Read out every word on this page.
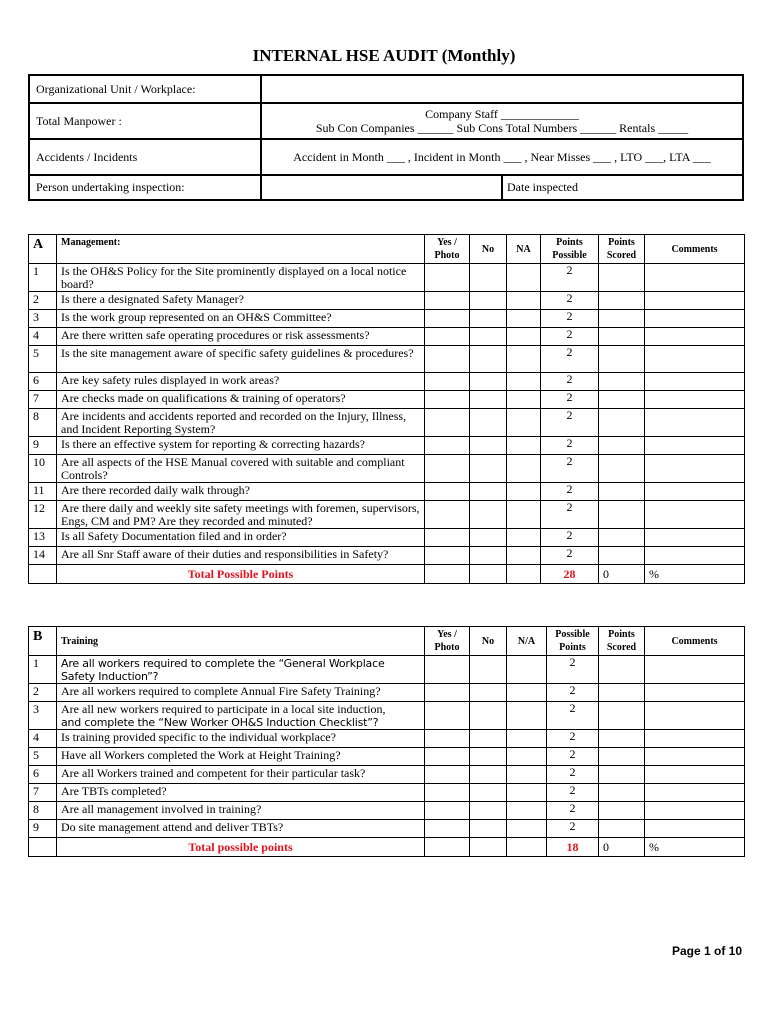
INTERNAL HSE AUDIT (Monthly)
Organizational Unit / Workplace:		
Total Manpower :	Company Staff _____________
Sub Con Companies ______ Sub Cons Total Numbers ______ Rentals _____	

Accidents / Incidents	Accident in Month ___ , Incident in Month ___ , Near Misses ___ , LTO ___, LTA ___	
Person undertaking inspection:		Date inspected
A	Management:	Yes / Photo	No	NA	Points Possible	Points Scored	Comments
1	Is the OH&S Policy for the Site prominently displayed on a local notice board?				2		
2	Is there a designated Safety Manager?				2		
3	Is the work group represented on an OH&S Committee?				2		
4	Are there written safe operating procedures or risk assessments?				2		
5	Is the site management aware of specific safety guidelines & procedures?				2		
6	Are key safety rules displayed in work areas?				2		
7	Are checks made on qualifications & training of operators?				2		
8	Are incidents and accidents reported and recorded on the Injury, Illness, and Incident Reporting System?				2		
9	Is there an effective system for reporting & correcting hazards?				2		
10	Are all aspects of the HSE Manual covered with suitable and compliant Controls?				2		
11	Are there recorded daily walk through?				2		
12	Are there daily and weekly site safety meetings with foremen, supervisors, Engs, CM and PM? Are they recorded and minuted?				2		
13	Is all Safety Documentation filed and in order?				2		
14	Are all Snr Staff aware of their duties and responsibilities in Safety?				2		
	Total Possible Points				28	0	%
B	Training	Yes / Photo	No	N/A	Possible Points	Points Scored	Comments
1	Are all workers required to complete the “General Workplace Safety Induction”?				2		
2	Are all workers required to complete Annual Fire Safety Training?				2		
3	Are all new workers required to participate in a local site induction,
and complete the “New Worker OH&S Induction Checklist”?				2		
4	Is training provided specific to the individual workplace?				2		
5	Have all Workers completed the Work at Height Training?				2		
6	Are all Workers trained and competent for their particular task?				2		
7	Are TBTs completed?				2		
8	Are all management involved in training?				2		
9	Do site management attend and deliver TBTs?				2		
	Total possible points				18	0	%
Page 1 of 10
